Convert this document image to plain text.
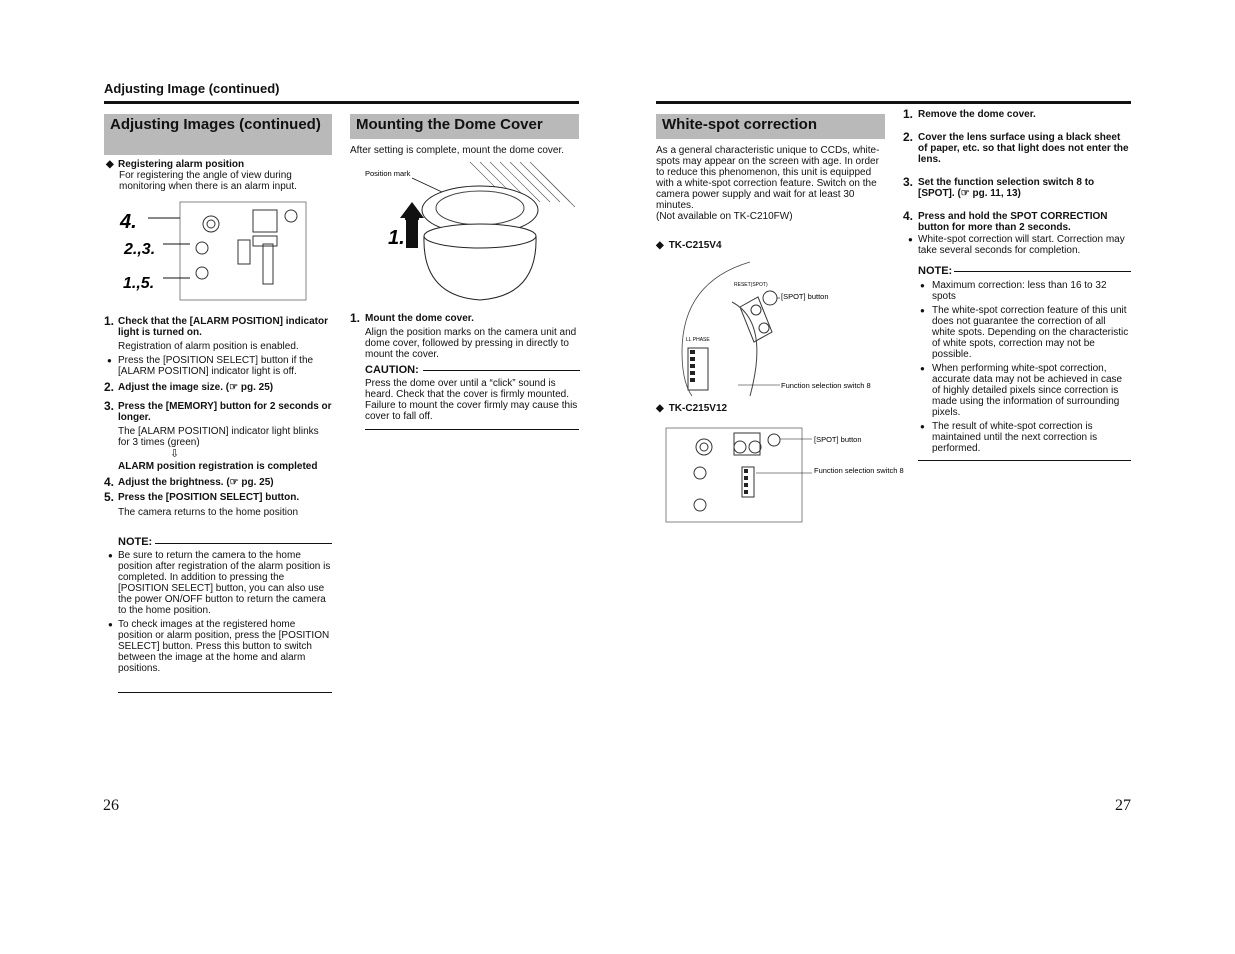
Adjusting Image (continued)
Adjusting Images (continued)
◆ Registering alarm position
For registering the angle of view during monitoring when there is an alarm input.
4.
2.,3.
1.,5.
1. Check that the [ALARM POSITION] indicator light is turned on.
Registration of alarm position is enabled.
● Press the [POSITION SELECT] button if the [ALARM POSITION] indicator light is off.
2. Adjust the image size. (☞ pg. 25)
3. Press the [MEMORY] button for 2 seconds or longer.
The [ALARM POSITION] indicator light blinks for 3 times (green)
⇩
ALARM position registration is completed
4. Adjust the brightness. (☞ pg. 25)
5. Press the [POSITION SELECT] button.
The camera returns to the home position
NOTE:
● Be sure to return the camera to the home position after registration of the alarm position is completed. In addition to pressing the [POSITION SELECT] button, you can also use the power ON/OFF button to return the camera to the home position.
● To check images at the registered home position or alarm position, press the [POSITION SELECT] button. Press this button to switch between the image at the home and alarm positions.
Mounting the Dome Cover
After setting is complete, mount the dome cover.
Position mark
1.
1. Mount the dome cover.
Align the position marks on the camera unit and dome cover, followed by pressing in directly to mount the cover.
CAUTION:
Press the dome over until a “click” sound is heard. Check that the cover is firmly mounted. Failure to mount the cover firmly may cause this cover to fall off.
26
White-spot correction
As a general characteristic unique to CCDs, white-spots may appear on the screen with age. In order to reduce this phenomenon, this unit is equipped with a white-spot correction feature. Switch on the camera power supply and wait for at least 30 minutes.
(Not available on TK-C210FW)
◆ TK-C215V4
LL PHASE
RESET(SPOT)
[SPOT] button
Function selection switch 8
◆ TK-C215V12
[SPOT] button
Function selection switch 8
1. Remove the dome cover.
2. Cover the lens surface using a black sheet of paper, etc. so that light does not enter the lens.
3. Set the function selection switch 8 to [SPOT]. (☞ pg. 11, 13)
4. Press and hold the SPOT CORRECTION button for more than 2 seconds.
● White-spot correction will start. Correction may take several seconds for completion.
NOTE:
● Maximum correction: less than 16 to 32 spots
● The white-spot correction feature of this unit does not guarantee the correction of all white spots. Depending on the characteristic of white spots, correction may not be possible.
● When performing white-spot correction, accurate data may not be achieved in case of highly detailed pixels since correction is made using the information of surrounding pixels.
● The result of white-spot correction is maintained until the next correction is performed.
27
